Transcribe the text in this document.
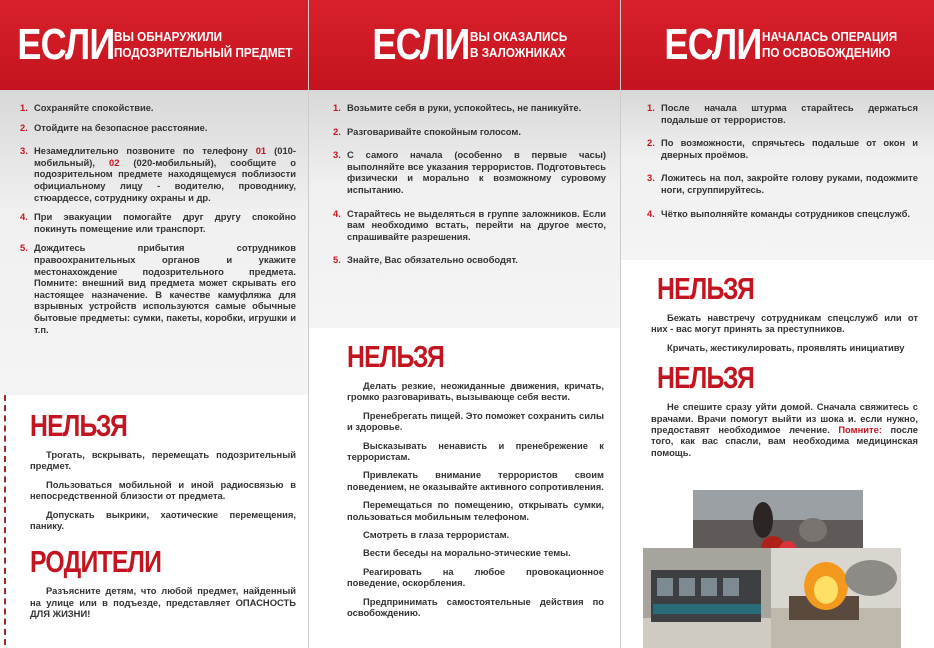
ЕСЛИ ВЫ ОБНАРУЖИЛИ
ПОДОЗРИТЕЛЬНЫЙ ПРЕДМЕТ
1. Сохраняйте спокойствие.
2. Отойдите на безопасное расстояние.
3. Незамедлительно позвоните по телефону 01 (010-мобильный), 02 (020-мобильный), сообщите о подозрительном предмете находящемуся поблизости официальному лицу - водителю, проводнику, стюардессе, сотруднику охраны и др.
4. При эвакуации помогайте друг другу спокойно покинуть помещение или транспорт.
5. Дождитесь прибытия сотрудников правоохранительных органов и укажите местонахождение подозрительного предмета. Помните: внешний вид предмета может скрывать его настоящее назначение. В качестве камуфляжа для взрывных устройств используются самые обычные бытовые предметы: сумки, пакеты, коробки, игрушки и т.п.
НЕЛЬЗЯ

Трогать, вскрывать, перемещать подозрительный предмет.

Пользоваться мобильной и иной радиосвязью в непосредственной близости от предмета.

Допускать выкрики, хаотические перемещения, панику.

РОДИТЕЛИ

Разъясните детям, что любой предмет, найденный на улице или в подъезде, представляет ОПАСНОСТЬ ДЛЯ ЖИЗНИ!

ЕСЛИ ВЫ ОКАЗАЛИСЬ
В ЗАЛОЖНИКАХ
1. Возьмите себя в руки, успокойтесь, не паникуйте.
2. Разговаривайте спокойным голосом.
3. С самого начала (особенно в первые часы) выполняйте все указания террористов. Подготовьтесь физически и морально к возможному суровому испытанию.
4. Старайтесь не выделяться в группе заложников. Если вам необходимо встать, перейти на другое место, спрашивайте разрешения.
5. Знайте, Вас обязательно освободят.
НЕЛЬЗЯ

Делать резкие, неожиданные движения, кричать, громко разговаривать, вызывающе себя вести.

Пренебрегать пищей. Это поможет сохранить силы и здоровье.

Высказывать ненависть и пренебрежение к террористам.

Привлекать внимание террористов своим поведением, не оказывайте активного сопротивления.

Перемещаться по помещению, открывать сумки, пользоваться мобильным телефоном.

Смотреть в глаза террористам.

Вести беседы на морально-этические темы.

Реагировать на любое провокационное поведение, оскорбления.

Предпринимать самостоятельные действия по освобождению.

ЕСЛИ НАЧАЛАСЬ ОПЕРАЦИЯ
ПО ОСВОБОЖДЕНИЮ
1. После начала штурма старайтесь держаться подальше от террористов.
2. По возможности, спрячьтесь подальше от окон и дверных проёмов.
3. Ложитесь на пол, закройте голову руками, подожмите ноги, сгруппируйтесь.
4. Чётко выполняйте команды сотрудников спецслужб.
НЕЛЬЗЯ

Бежать навстречу сотрудникам спецслужб или от них - вас могут принять за преступников.

Кричать, жестикулировать, проявлять инициативу

НЕЛЬЗЯ

Не спешите сразу уйти домой. Сначала свяжитесь с врачами. Врачи помогут выйти из шока и. если нужно, предоставят необходимое лечение. Помните: после того, как вас спасли, вам необходима медицинская помощь.
